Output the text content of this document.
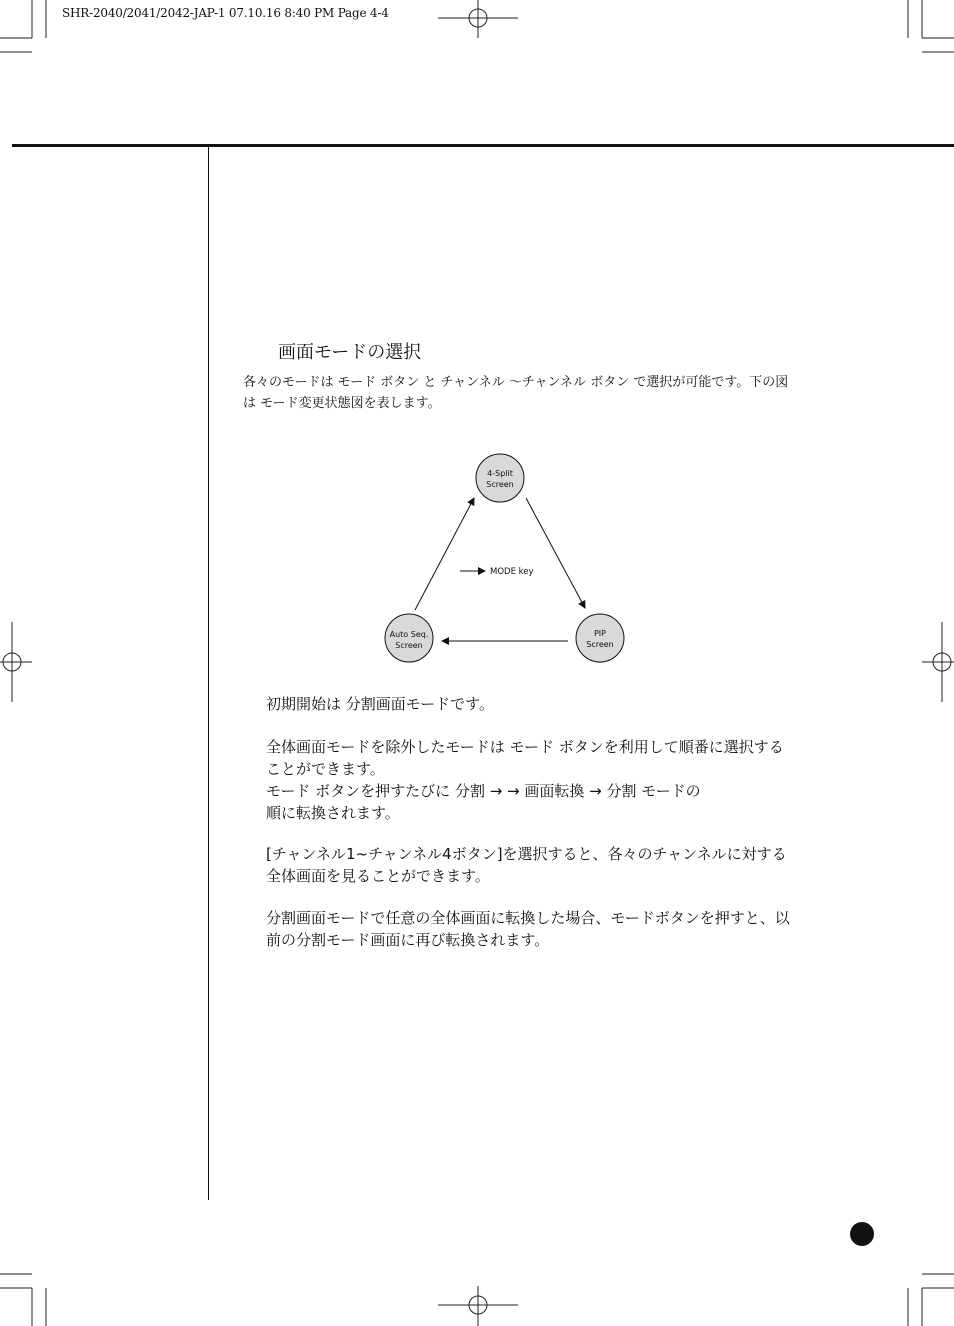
SHR-2040/2041/2042-JAP-1 07.10.16 8:40 PM Page 4-4
画面モードの選択

各々のモードは モード ボタン と チャンネル ～チャンネル ボタン で選択が可能です。下の図

は モード変更状態図を表します。

MODE key
4-Split
Screen
Auto Seq.
Screen
PIP
Screen

初期開始は 分割画面モードです。

全体画面モードを除外したモードは モード ボタンを利用して順番に選択する

ことができます。

モード ボタンを押すたびに 分割 → → 画面転換 → 分割 モードの

順に転換されます。

[チャンネル1~チャンネル4ボタン]を選択すると、各々のチャンネルに対する

全体画面を見ることができます。

分割画面モードで任意の全体画面に転換した場合、モードボタンを押すと、以

前の分割モード画面に再び転換されます。
